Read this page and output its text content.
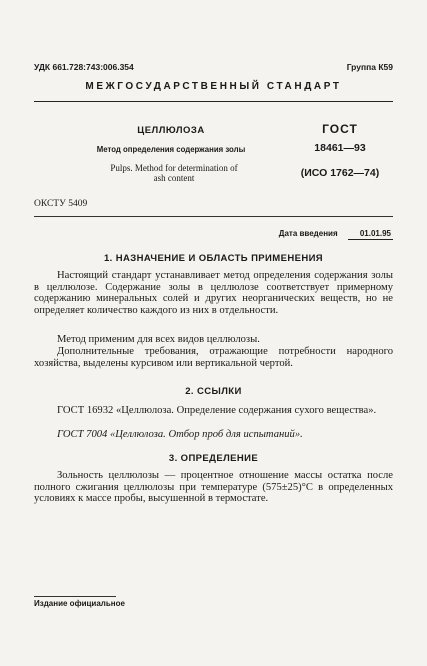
УДК 661.728:743:006.354	Группа К59
МЕЖГОСУДАРСТВЕННЫЙ СТАНДАРТ
ЦЕЛЛЮЛОЗА
Метод определения содержания золы
Pulps. Method for determination of ash content
ГОСТ
18461—93
(ИСО 1762—74)
ОКСТУ 5409
Дата введения	01.01.95
1. НАЗНАЧЕНИЕ И ОБЛАСТЬ ПРИМЕНЕНИЯ
Настоящий стандарт устанавливает метод определения содержания золы в целлюлозе. Содержание золы в целлюлозе соответствует примерному содержанию минеральных солей и других неорганических веществ, но не определяет количество каждого из них в отдельности.
Метод применим для всех видов целлюлозы.
Дополнительные требования, отражающие потребности народного хозяйства, выделены курсивом или вертикальной чертой.
2. ССЫЛКИ
ГОСТ 16932 «Целлюлоза. Определение содержания сухого вещества».
ГОСТ 7004 «Целлюлоза. Отбор проб для испытаний».
3. ОПРЕДЕЛЕНИЕ
Зольность целлюлозы — процентное отношение массы остатка после полного сжигания целлюлозы при температуре (575±25)°С в определенных условиях к массе пробы, высушенной в термостате.
Издание официальное
